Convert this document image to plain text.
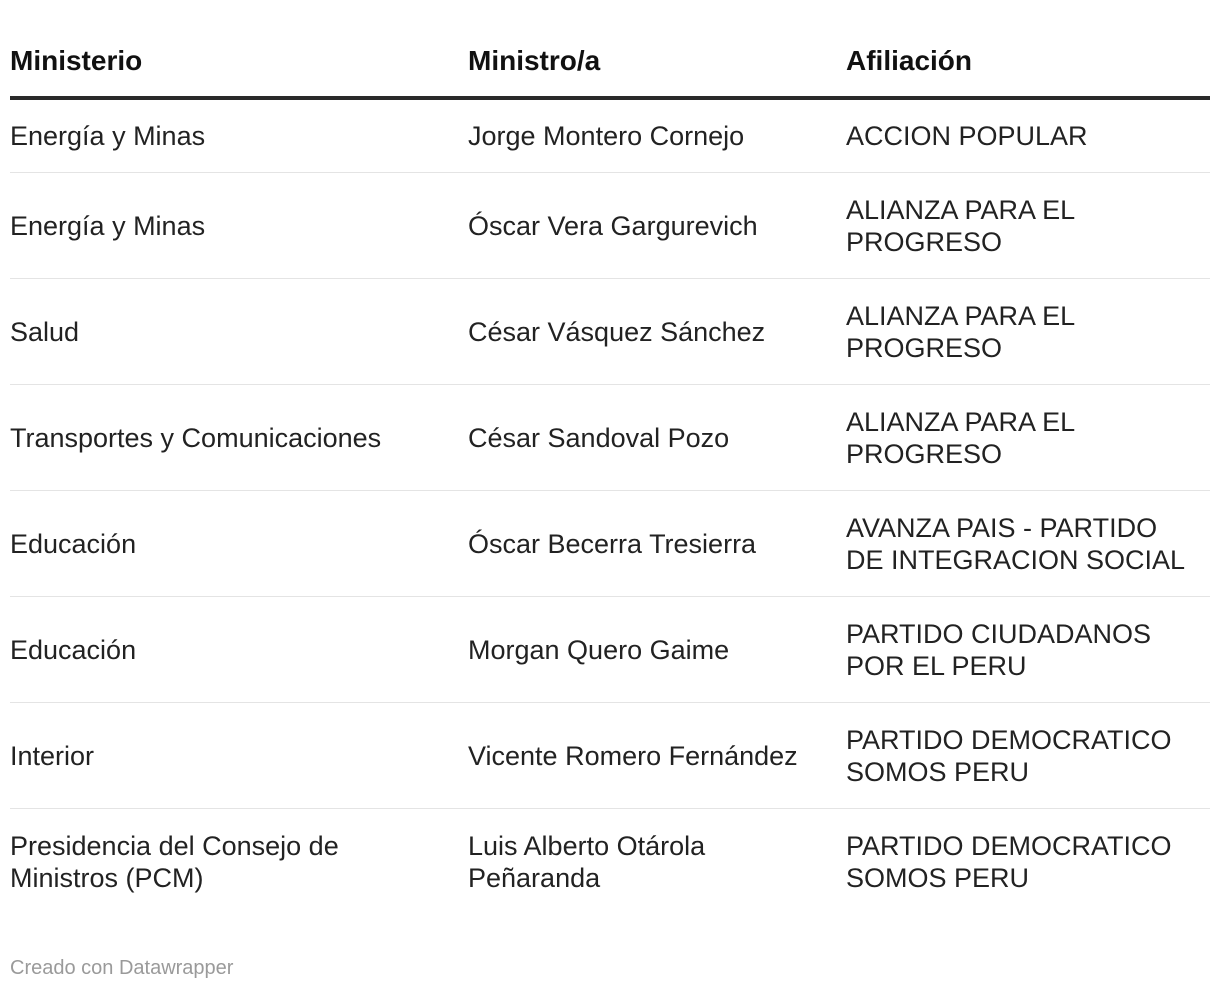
Ministerio	Ministro/a	Afiliación
Energía y Minas	Jorge Montero Cornejo	ACCION POPULAR
Energía y Minas	Óscar Vera Gargurevich	ALIANZA PARA EL PROGRESO
Salud	César Vásquez Sánchez	ALIANZA PARA EL PROGRESO
Transportes y Comunicaciones	César Sandoval Pozo	ALIANZA PARA EL PROGRESO
Educación	Óscar Becerra Tresierra	AVANZA PAIS - PARTIDO DE INTEGRACION SOCIAL
Educación	Morgan Quero Gaime	PARTIDO CIUDADANOS POR EL PERU
Interior	Vicente Romero Fernández	PARTIDO DEMOCRATICO SOMOS PERU
Presidencia del Consejo de Ministros (PCM)	Luis Alberto Otárola Peñaranda	PARTIDO DEMOCRATICO SOMOS PERU
Creado con Datawrapper
